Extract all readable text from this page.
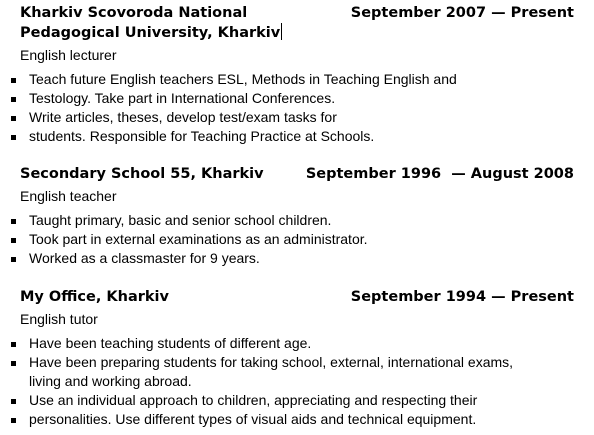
Kharkiv Scovoroda National	September 2007 — Present
Pedagogical University, Kharkiv
English lecturer
Teach future English teachers ESL, Methods in Teaching English and
Testology. Take part in International Conferences.
Write articles, theses, develop test/exam tasks for
students. Responsible for Teaching Practice at Schools.
Secondary School 55, Kharkiv	September 1996  — August 2008
English teacher
Taught primary, basic and senior school children.
Took part in external examinations as an administrator.
Worked as a classmaster for 9 years.
My Office, Kharkiv	September 1994 — Present
English tutor
Have been teaching students of different age.
Have been preparing students for taking school, external, international exams,
living and working abroad.
Use an individual approach to children, appreciating and respecting their
personalities. Use different types of visual aids and technical equipment.
